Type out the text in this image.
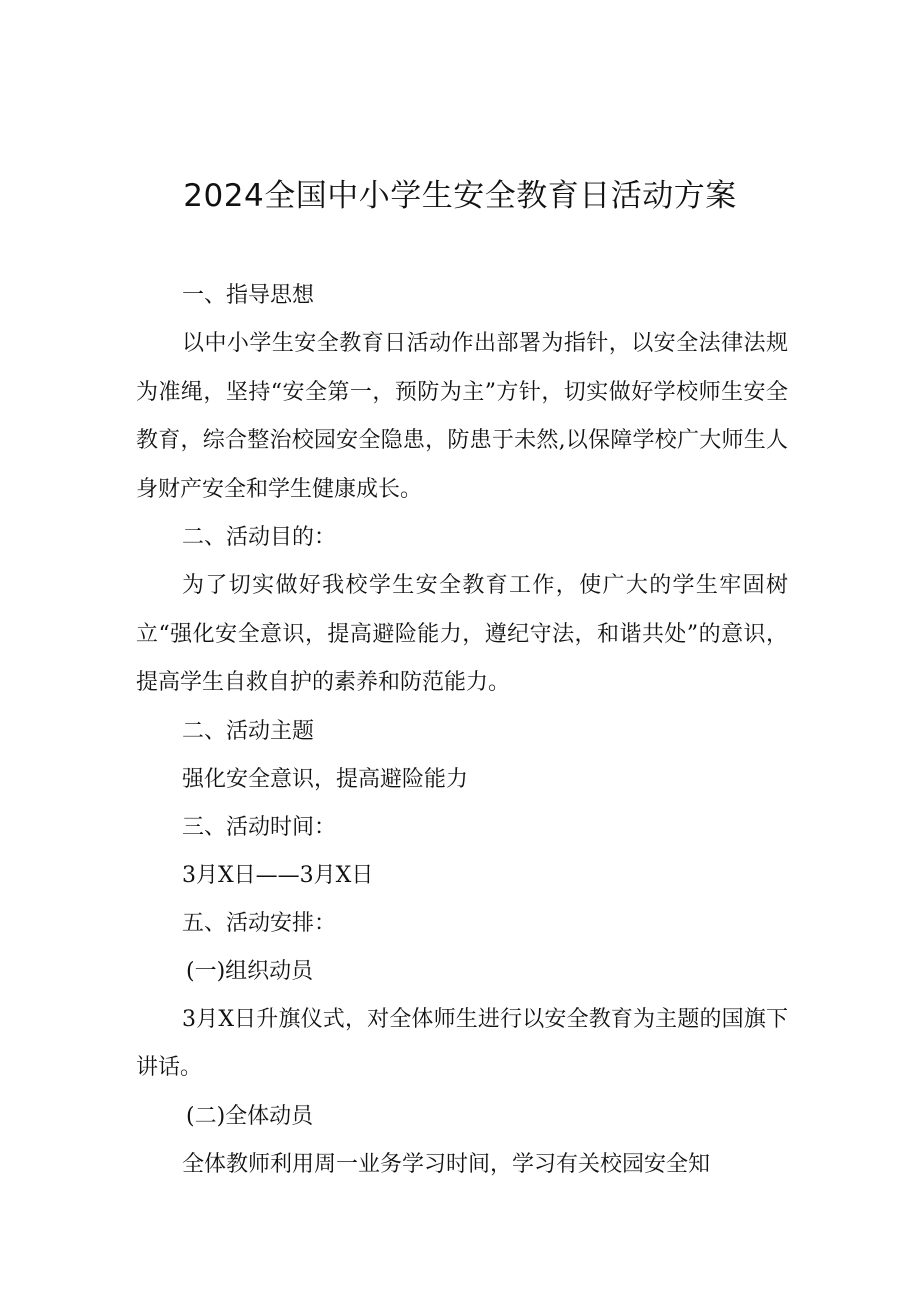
2024全国中小学生安全教育日活动方案

一、指导思想

以中小学生安全教育日活动作出部署为指针，以安全法律法规为准绳，坚持“安全第一，预防为主”方针，切实做好学校师生安全教育，综合整治校园安全隐患，防患于未然,以保障学校广大师生人身财产安全和学生健康成长。

二、活动目的：

为了切实做好我校学生安全教育工作，使广大的学生牢固树立“强化安全意识，提高避险能力，遵纪守法，和谐共处”的意识，提高学生自救自护的素养和防范能力。

二、活动主题

强化安全意识，提高避险能力

三、活动时间：

3月X日——3月X日

五、活动安排：

(一)组织动员

3月X日升旗仪式，对全体师生进行以安全教育为主题的国旗下讲话。

(二)全体动员

全体教师利用周一业务学习时间，学习有关校园安全知
